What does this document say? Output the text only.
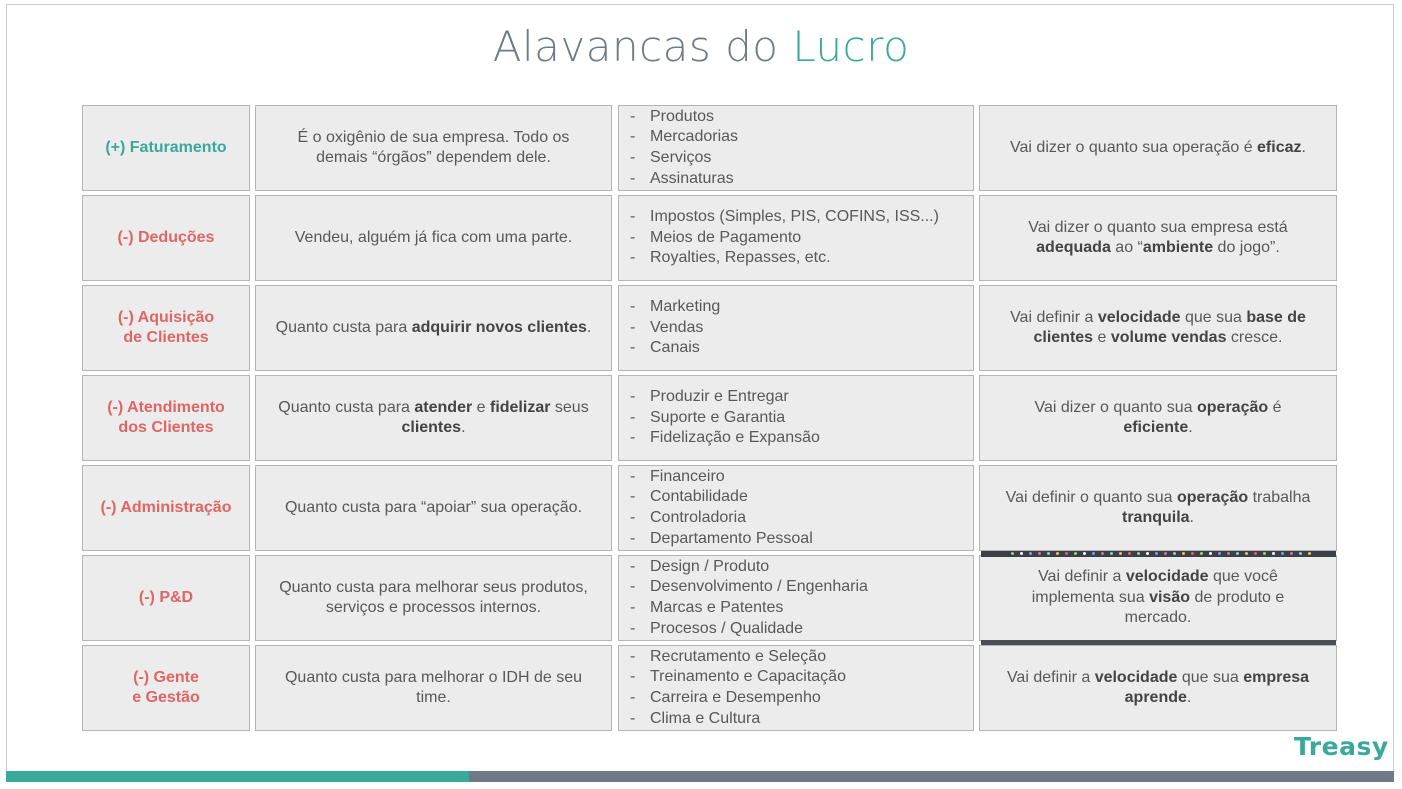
Alavancas do Lucro
(+) Faturamento
É o oxigênio de sua empresa. Todo os
demais “órgãos” dependem dele.
- Produtos
- Mercadorias
- Serviços
- Assinaturas
Vai dizer o quanto sua operação é eficaz.
(-) Deduções	Vendeu, alguém já fica com uma parte.
- Impostos (Simples, PIS, COFINS, ISS...)
- Meios de Pagamento
- Royalties, Repasses, etc.
Vai dizer o quanto sua empresa está
adequada ao “ambiente do jogo”.
(-) Aquisição
de Clientes
Quanto custa para adquirir novos clientes.
- Marketing
- Vendas
- Canais
Vai definir a velocidade que sua base de
clientes e volume vendas cresce.
(-) Atendimento
dos Clientes
Quanto custa para atender e fidelizar seus
clientes.
- Produzir e Entregar
- Suporte e Garantia
- Fidelização e Expansão
Vai dizer o quanto sua operação é
eficiente.
(-) Administração	Quanto custa para “apoiar” sua operação.
- Financeiro
- Contabilidade
- Controladoria
- Departamento Pessoal
Vai definir o quanto sua operação trabalha
tranquila.
(-) P&D
Quanto custa para melhorar seus produtos,
serviços e processos internos.
- Design / Produto
- Desenvolvimento / Engenharia
- Marcas e Patentes
- Procesos / Qualidade
Vai definir a velocidade que você
implementa sua visão de produto e
mercado.
(-) Gente
e Gestão
Quanto custa para melhorar o IDH de seu
time.
- Recrutamento e Seleção
- Treinamento e Capacitação
- Carreira e Desempenho
- Clima e Cultura
Vai definir a velocidade que sua empresa
aprende.
Treasy
